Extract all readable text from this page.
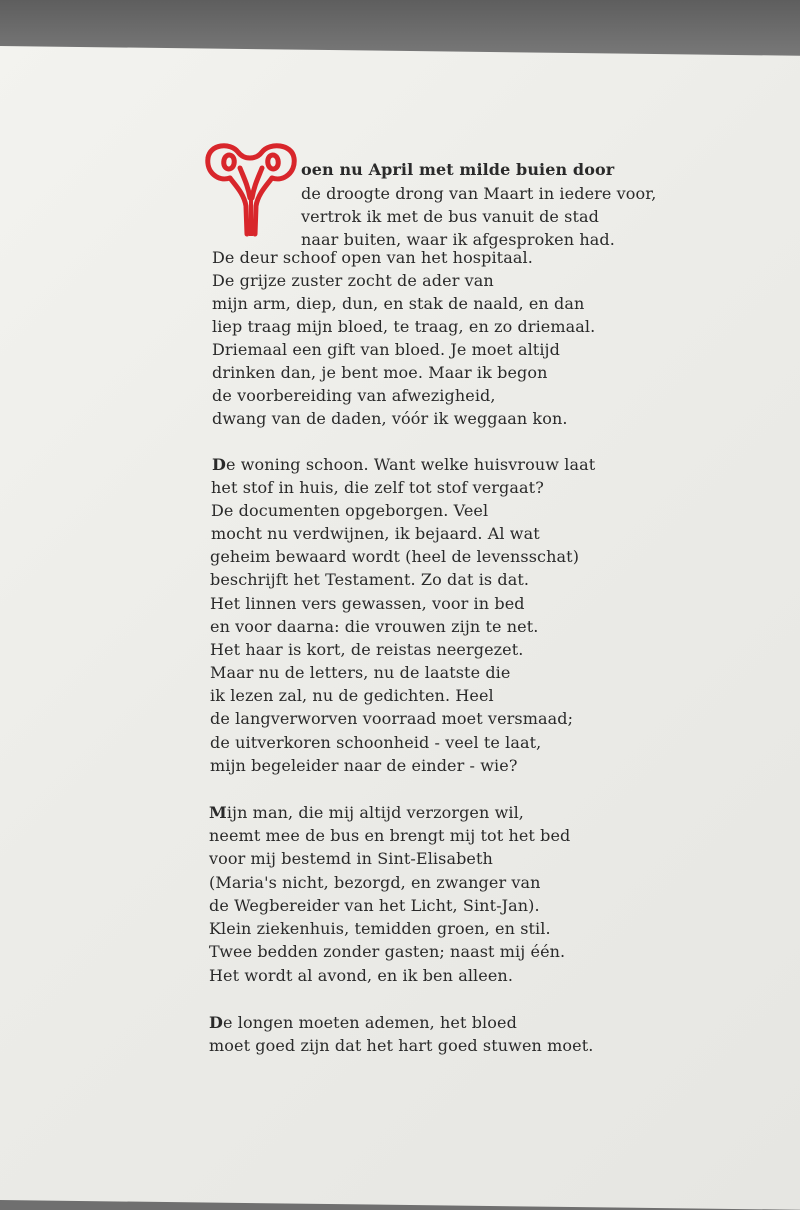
oen nu April met milde buien door
de droogte drong van Maart in iedere voor,
vertrok ik met de bus vanuit de stad
naar buiten, waar ik afgesproken had.
De deur schoof open van het hospitaal.
De grijze zuster zocht de ader van
mijn arm, diep, dun, en stak de naald, en dan
liep traag mijn bloed, te traag, en zo driemaal.
Driemaal een gift van bloed. Je moet altijd
drinken dan, je bent moe. Maar ik begon
de voorbereiding van afwezigheid,
dwang van de daden, vóór ik weggaan kon.
De woning schoon. Want welke huisvrouw laat
het stof in huis, die zelf tot stof vergaat?
De documenten opgeborgen. Veel
mocht nu verdwijnen, ik bejaard. Al wat
geheim bewaard wordt (heel de levensschat)
beschrijft het Testament. Zo dat is dat.
Het linnen vers gewassen, voor in bed
en voor daarna: die vrouwen zijn te net.
Het haar is kort, de reistas neergezet.
Maar nu de letters, nu de laatste die
ik lezen zal, nu de gedichten. Heel
de langverworven voorraad moet versmaad;
de uitverkoren schoonheid - veel te laat,
mijn begeleider naar de einder - wie?
Mijn man, die mij altijd verzorgen wil,
neemt mee de bus en brengt mij tot het bed
voor mij bestemd in Sint-Elisabeth
(Maria's nicht, bezorgd, en zwanger van
de Wegbereider van het Licht, Sint-Jan).
Klein ziekenhuis, temidden groen, en stil.
Twee bedden zonder gasten; naast mij één.
Het wordt al avond, en ik ben alleen.
De longen moeten ademen, het bloed
moet goed zijn dat het hart goed stuwen moet.
